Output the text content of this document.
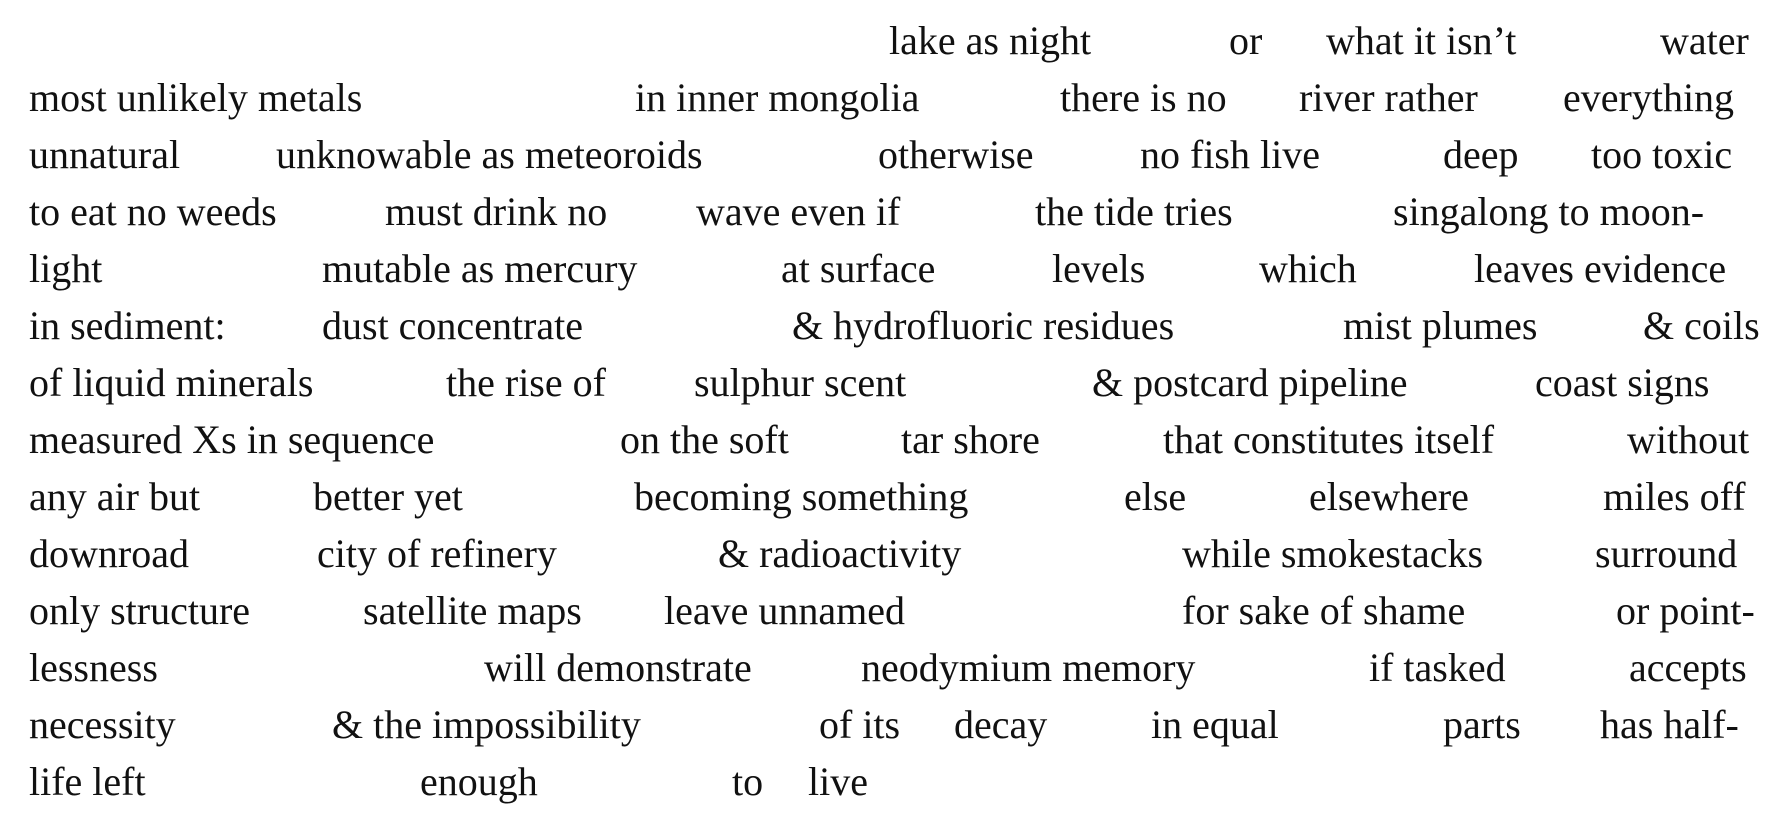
lake as night	or what it isn’t	water
most unlikely metals	in inner mongolia	there is no river rather everything
unnatural unknowable as meteoroids	otherwise	no fish live	deep too toxic
to eat no weeds	must drink no wave even if	the tide tries	singalong to moon-
light	mutable as mercury	at surface	levels	which	leaves evidence
in sediment: dust concentrate	& hydrofluoric residues	mist plumes	& coils
of liquid minerals	the rise of sulphur scent	& postcard pipeline	coast signs
measured Xs in sequence	on the soft	tar shore	that constitutes itself	without
any air but	better yet	becoming something	else	elsewhere	miles off
downroad	city of refinery	& radioactivity	while smokestacks	surround
only structure	satellite maps leave unnamed	for sake of shame	or point-
lessness	will demonstrate	neodymium memory	if tasked	accepts
necessity	& the impossibility	of its decay	in equal	parts has half-
life left	enough	to live
